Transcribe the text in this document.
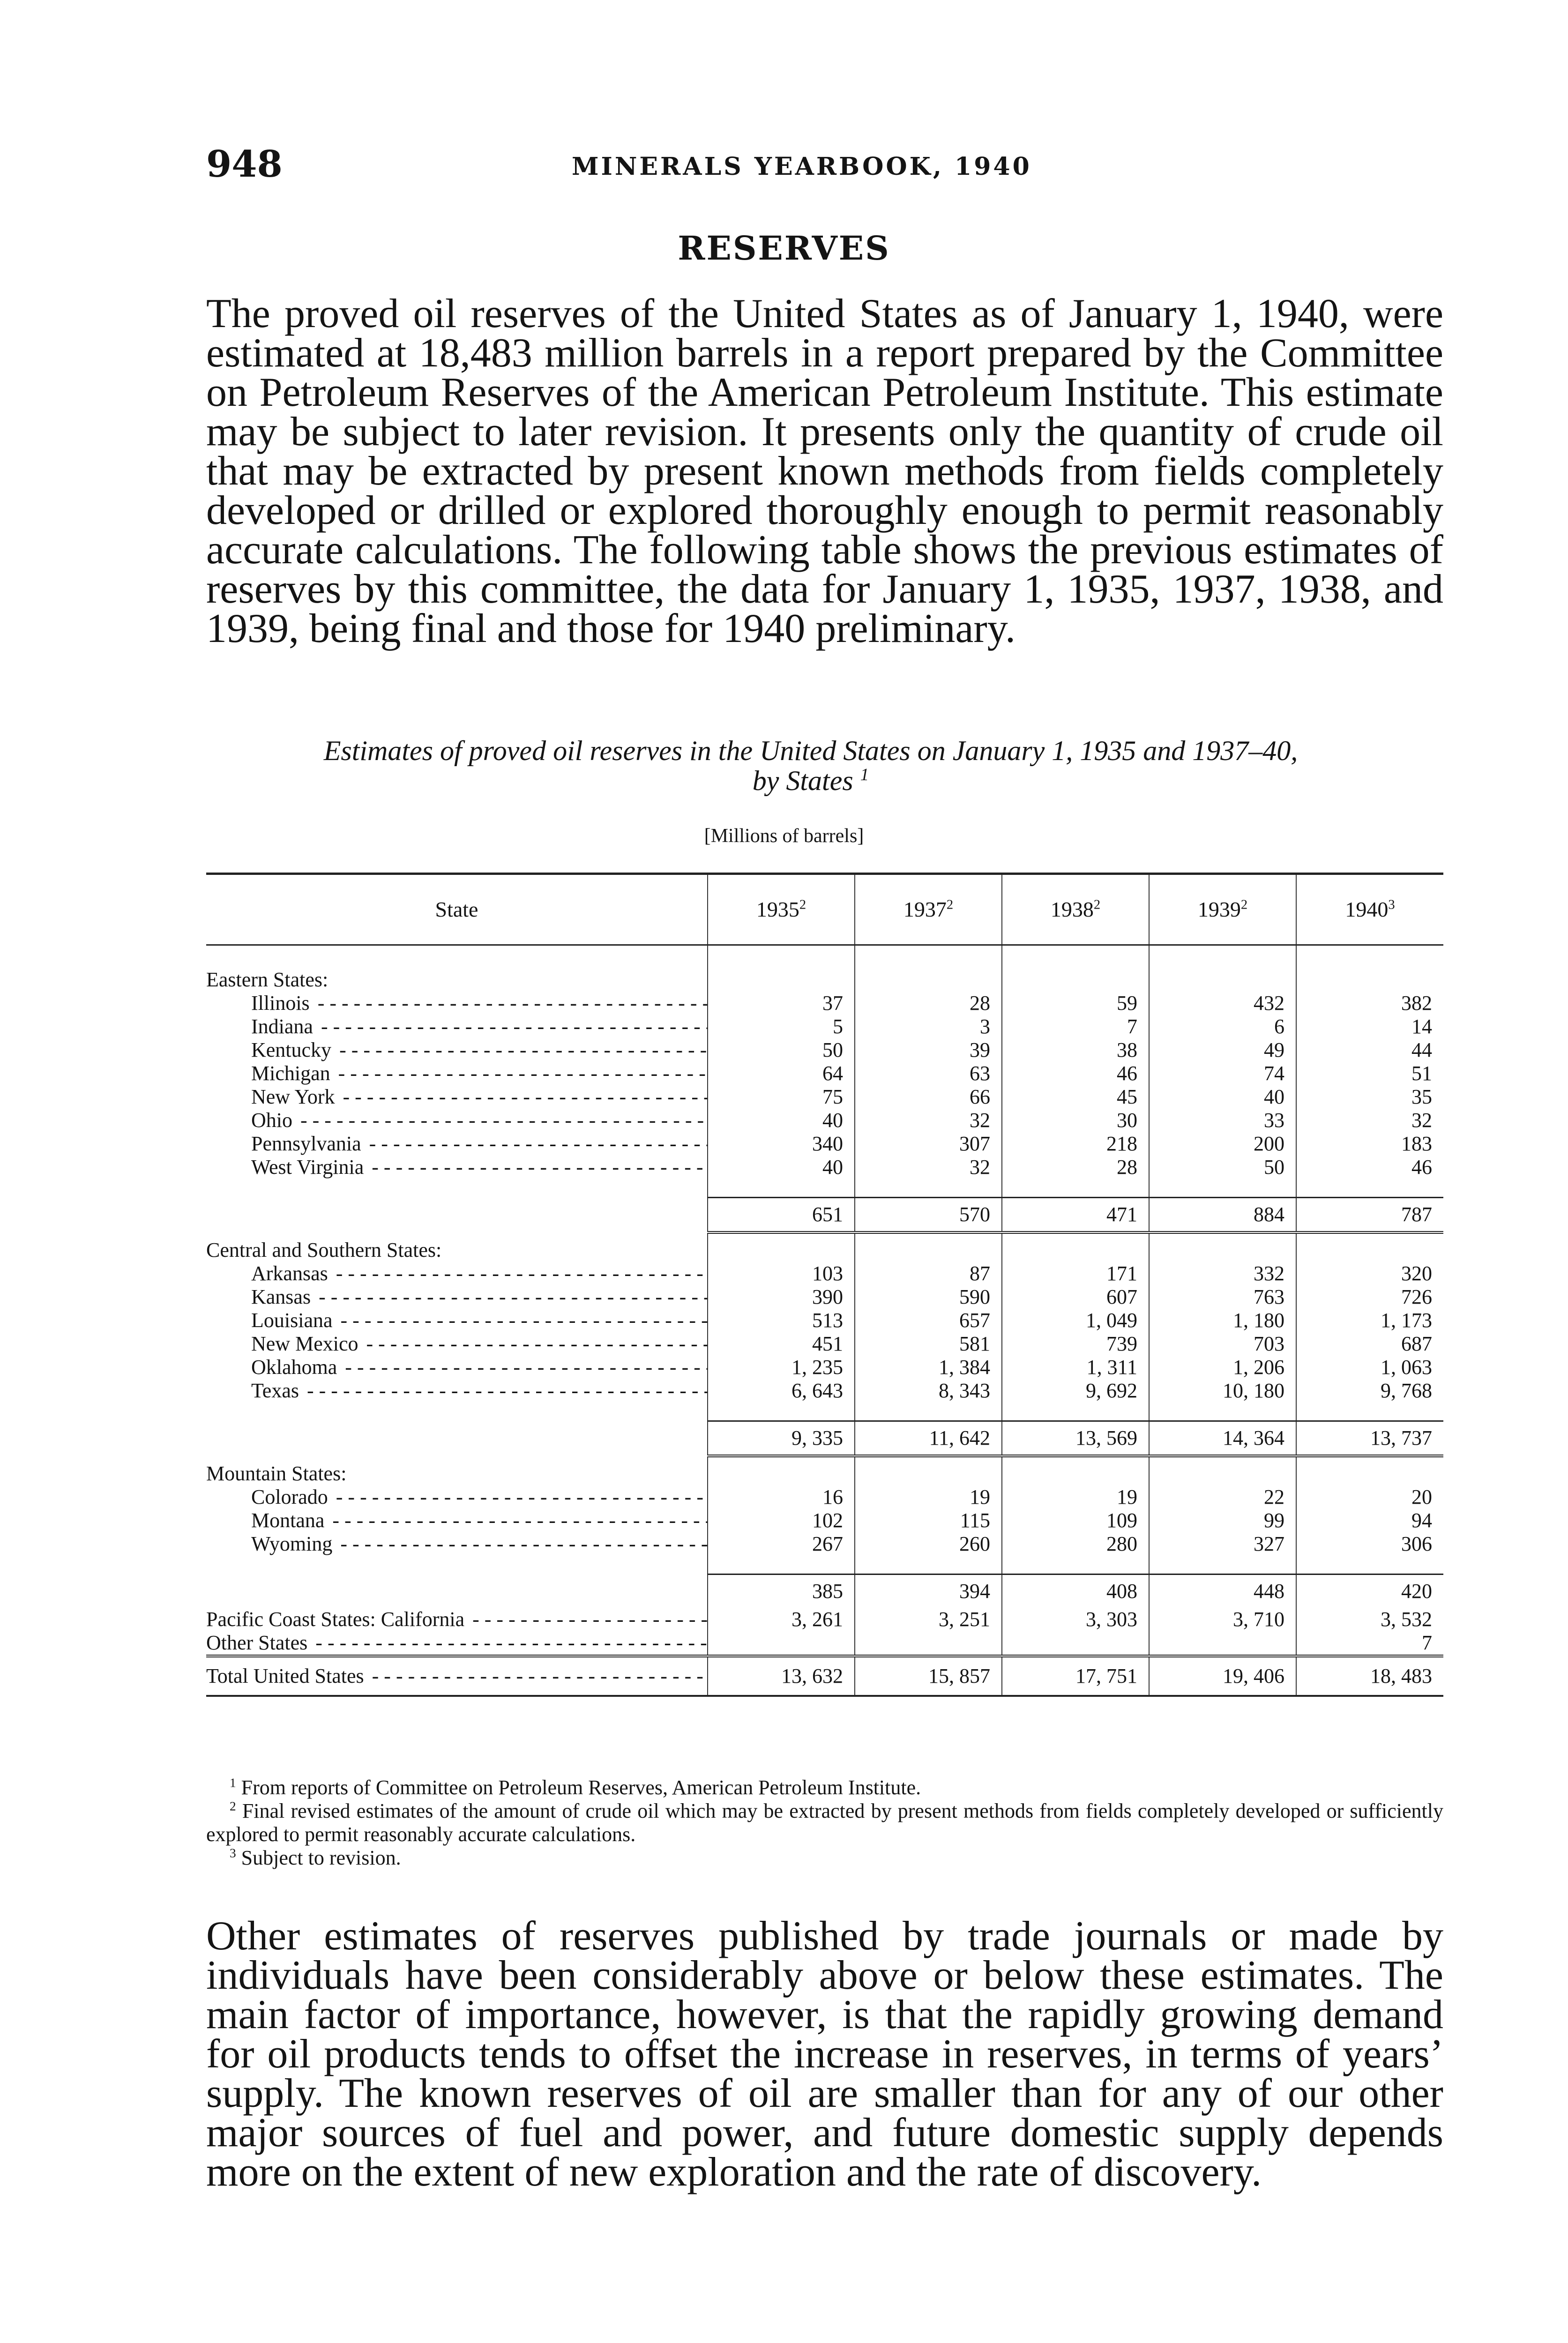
948	MINERALS YEARBOOK, 1940
RESERVES

The proved oil reserves of the United States as of January 1, 1940, were estimated at 18,483 million barrels in a report prepared by the Committee on Petroleum Reserves of the American Petroleum Institute. This estimate may be subject to later revision. It presents only the quantity of crude oil that may be extracted by present known methods from fields completely developed or drilled or explored thoroughly enough to permit reasonably accurate calculations. The following table shows the previous estimates of reserves by this committee, the data for January 1, 1935, 1937, 1938, and 1939, being final and those for 1940 preliminary.

Estimates of proved oil reserves in the United States on January 1, 1935 and 1937–40,
by States $^1$

[Millions of barrels]
State	1935$^2$	1937$^2$	1938$^2$	1939$^2$	1940$^3$

Eastern States:					

Illinois - - -	37	28	59	432	382

Indiana - - -	5	3	7	6	14

Kentucky - - -	50	39	38	49	44

Michigan - - -	64	63	46	74	51

New York - - -	75	66	45	40	35

Ohio - - -	40	32	30	33	32

Pennsylvania - - -	340	307	218	200	183

West Virginia - - -	40	32	28	50	46

	651	570	471	884	787
Central and Southern States:					

Arkansas - - -	103	87	171	332	320

Kansas - - -	390	590	607	763	726

Louisiana - - -	513	657	1, 049	1, 180	1, 173

New Mexico - - -	451	581	739	703	687

Oklahoma - - -	1, 235	1, 384	1, 311	1, 206	1, 063

Texas - - -	6, 643	8, 343	9, 692	10, 180	9, 768

	9, 335	11, 642	13, 569	14, 364	13, 737
Mountain States:					

Colorado - - -	16	19	19	22	20

Montana - - -	102	115	109	99	94

Wyoming - - -	267	260	280	327	306

	385	394	408	448	420

Pacific Coast States: California - - -	3, 261	3, 251	3, 303	3, 710	3, 532

Other States - - -					7

Total United States - - -	13, 632	15, 857	17, 751	19, 406	18, 483

$^1$ From reports of Committee on Petroleum Reserves, American Petroleum Institute.

$^2$ Final revised estimates of the amount of crude oil which may be extracted by present methods from fields completely developed or sufficiently explored to permit reasonably accurate calculations.

$^3$ Subject to revision.

Other estimates of reserves published by trade journals or made by individuals have been considerably above or below these estimates. The main factor of importance, however, is that the rapidly growing demand for oil products tends to offset the increase in reserves, in terms of years’ supply. The known reserves of oil are smaller than for any of our other major sources of fuel and power, and future domestic supply depends more on the extent of new exploration and the rate of discovery.
